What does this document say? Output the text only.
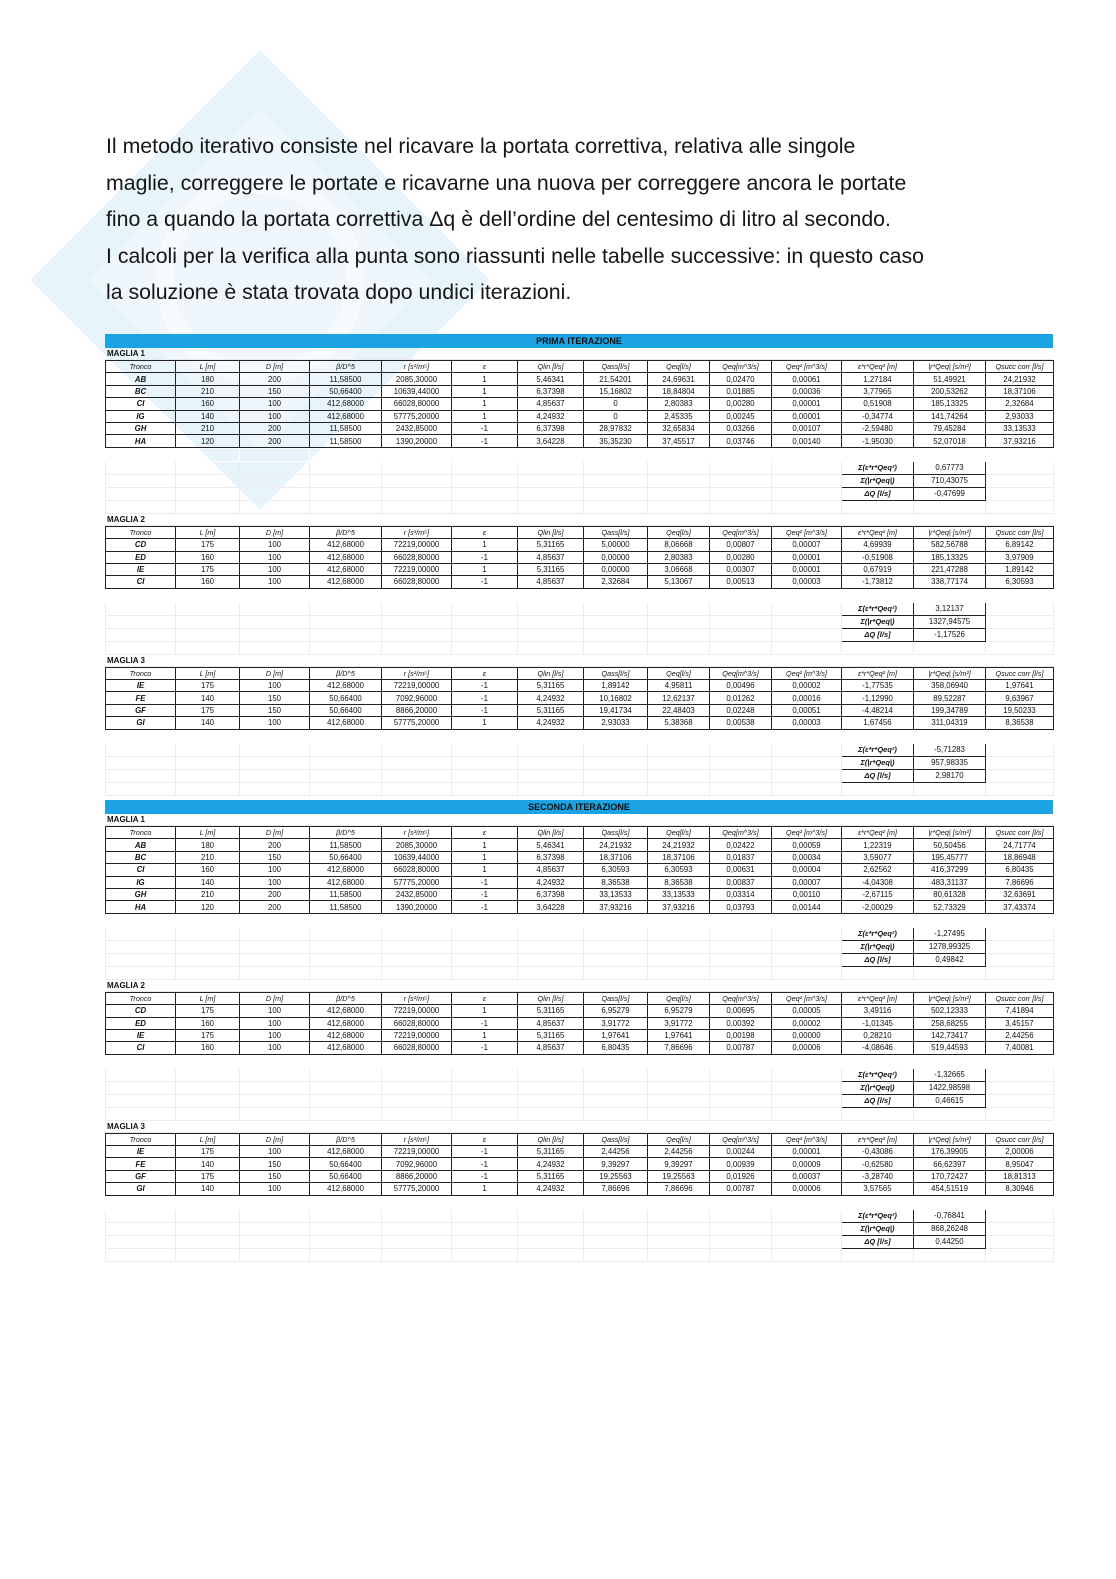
Il metodo iterativo consiste nel ricavare la portata correttiva, relativa alle singole

maglie, correggere le portate e ricavarne una nuova per correggere ancora le portate

fino a quando la portata correttiva Δq è dell’ordine del centesimo di litro al secondo.

I calcoli per la verifica alla punta sono riassunti nelle tabelle successive: in questo caso

la soluzione è stata trovata dopo undici iterazioni.

PRIMA ITERAZIONE
MAGLIA 1
Tronco	L [m]	D [m]	β/D^5	r [s²/m⁵]	ε	Qlin [l/s]	Qass[l/s]	Qeq[l/s]	Qeq[m^3/s]	Qeq² [m^3/s]	ε*r*Qeq² [m]	|r*Qeq| [s/m²]	Qsucc corr [l/s]
AB	180	200	11,58500	2085,30000	1	5,46341	21,54201	24,69631	0,02470	0,00061	1,27184	51,49921	24,21932
BC	210	150	50,66400	10639,44000	1	6,37398	15,16802	18,84804	0,01885	0,00036	3,77965	200,53262	18,37106
CI	160	100	412,68000	66028,80000	1	4,85637	0	2,80383	0,00280	0,00001	0,51908	185,13325	2,32684
IG	140	100	412,68000	57775,20000	1	4,24932	0	2,45335	0,00245	0,00001	-0,34774	141,74264	2,93033
GH	210	200	11,58500	2432,85000	-1	6,37398	28,97832	32,65834	0,03266	0,00107	-2,59480	79,45284	33,13533
HA	120	200	11,58500	1390,20000	-1	3,64228	35,35230	37,45517	0,03746	0,00140	-1,95030	52,07018	37,93216

											Σ(ε*r*Qeq²)	0,67773	
											Σ(|r*Qeq|)	710,43075	
											ΔQ [l/s]	-0,47699	

MAGLIA 2
Tronco	L [m]	D [m]	β/D^5	r [s²/m⁵]	ε	Qlin [l/s]	Qass[l/s]	Qeq[l/s]	Qeq[m^3/s]	Qeq² [m^3/s]	ε*r*Qeq² [m]	|r*Qeq| [s/m²]	Qsucc corr [l/s]
CD	175	100	412,68000	72219,00000	1	5,31165	5,00000	8,06668	0,00807	0,00007	4,69939	582,56788	6,89142
ED	160	100	412,68000	66028,80000	-1	4,85637	0,00000	2,80383	0,00280	0,00001	-0,51908	185,13325	3,97909
IE	175	100	412,68000	72219,00000	1	5,31165	0,00000	3,06668	0,00307	0,00001	0,67919	221,47288	1,89142
CI	160	100	412,68000	66028,80000	-1	4,85637	2,32684	5,13067	0,00513	0,00003	-1,73812	338,77174	6,30593

											Σ(ε*r*Qeq²)	3,12137	
											Σ(|r*Qeq|)	1327,94575	
											ΔQ [l/s]	-1,17526	

MAGLIA 3
Tronco	L [m]	D [m]	β/D^5	r [s²/m⁵]	ε	Qlin [l/s]	Qass[l/s]	Qeq[l/s]	Qeq[m^3/s]	Qeq² [m^3/s]	ε*r*Qeq² [m]	|r*Qeq| [s/m²]	Qsucc corr [l/s]
IE	175	100	412,68000	72219,00000	-1	5,31165	1,89142	4,95811	0,00496	0,00002	-1,77535	358,06940	1,97641
FE	140	150	50,66400	7092,96000	-1	4,24932	10,16802	12,62137	0,01262	0,00016	-1,12990	89,52287	9,63967
GF	175	150	50,66400	8866,20000	-1	5,31165	19,41734	22,48403	0,02248	0,00051	-4,48214	199,34789	19,50233
GI	140	100	412,68000	57775,20000	1	4,24932	2,93033	5,38368	0,00538	0,00003	1,67456	311,04319	8,36538

											Σ(ε*r*Qeq²)	-5,71283	
											Σ(|r*Qeq|)	957,98335	
											ΔQ [l/s]	2,98170	

SECONDA ITERAZIONE
MAGLIA 1
Tronco	L [m]	D [m]	β/D^5	r [s²/m⁵]	ε	Qlin [l/s]	Qass[l/s]	Qeq[l/s]	Qeq[m^3/s]	Qeq² [m^3/s]	ε*r*Qeq² [m]	|r*Qeq| [s/m²]	Qsucc corr [l/s]
AB	180	200	11,58500	2085,30000	1	5,46341	24,21932	24,21932	0,02422	0,00059	1,22319	50,50456	24,71774
BC	210	150	50,66400	10639,44000	1	6,37398	18,37106	18,37106	0,01837	0,00034	3,59077	195,45777	18,86948
CI	160	100	412,68000	66028,80000	1	4,85637	6,30593	6,30593	0,00631	0,00004	2,62562	416,37299	6,80435
IG	140	100	412,68000	57775,20000	-1	4,24932	8,36538	8,36538	0,00837	0,00007	-4,04308	483,31137	7,86696
GH	210	200	11,58500	2432,85000	-1	6,37398	33,13533	33,13533	0,03314	0,00110	-2,67115	80,61328	32,63691
HA	120	200	11,58500	1390,20000	-1	3,64228	37,93216	37,93216	0,03793	0,00144	-2,00029	52,73329	37,43374

											Σ(ε*r*Qeq²)	-1,27495	
											Σ(|r*Qeq|)	1278,99325	
											ΔQ [l/s]	0,49842	

MAGLIA 2
Tronco	L [m]	D [m]	β/D^5	r [s²/m⁵]	ε	Qlin [l/s]	Qass[l/s]	Qeq[l/s]	Qeq[m^3/s]	Qeq² [m^3/s]	ε*r*Qeq² [m]	|r*Qeq| [s/m²]	Qsucc corr [l/s]
CD	175	100	412,68000	72219,00000	1	5,31165	6,95279	6,95279	0,00695	0,00005	3,49116	502,12333	7,41894
ED	160	100	412,68000	66028,80000	-1	4,85637	3,91772	3,91772	0,00392	0,00002	-1,01345	258,68255	3,45157
IE	175	100	412,68000	72219,00000	1	5,31165	1,97641	1,97641	0,00198	0,00000	0,28210	142,73417	2,44256
CI	160	100	412,68000	66028,80000	-1	4,85637	6,80435	7,86696	0,00787	0,00006	-4,08646	519,44593	7,40081

											Σ(ε*r*Qeq²)	-1,32665	
											Σ(|r*Qeq|)	1422,98598	
											ΔQ [l/s]	0,46615	

MAGLIA 3
Tronco	L [m]	D [m]	β/D^5	r [s²/m⁵]	ε	Qlin [l/s]	Qass[l/s]	Qeq[l/s]	Qeq[m^3/s]	Qeq² [m^3/s]	ε*r*Qeq² [m]	|r*Qeq| [s/m²]	Qsucc corr [l/s]
IE	175	100	412,68000	72219,00000	-1	5,31165	2,44256	2,44256	0,00244	0,00001	-0,43086	176,39905	2,00006
FE	140	150	50,66400	7092,96000	-1	4,24932	9,39297	9,39297	0,00939	0,00009	-0,62580	66,62397	8,95047
GF	175	150	50,66400	8866,20000	-1	5,31165	19,25563	19,25563	0,01926	0,00037	-3,28740	170,72427	18,81313
GI	140	100	412,68000	57775,20000	1	4,24932	7,86696	7,86696	0,00787	0,00006	3,57565	454,51519	8,30946

											Σ(ε*r*Qeq²)	-0,76841	
											Σ(|r*Qeq|)	868,26248	
											ΔQ [l/s]	0,44250	
